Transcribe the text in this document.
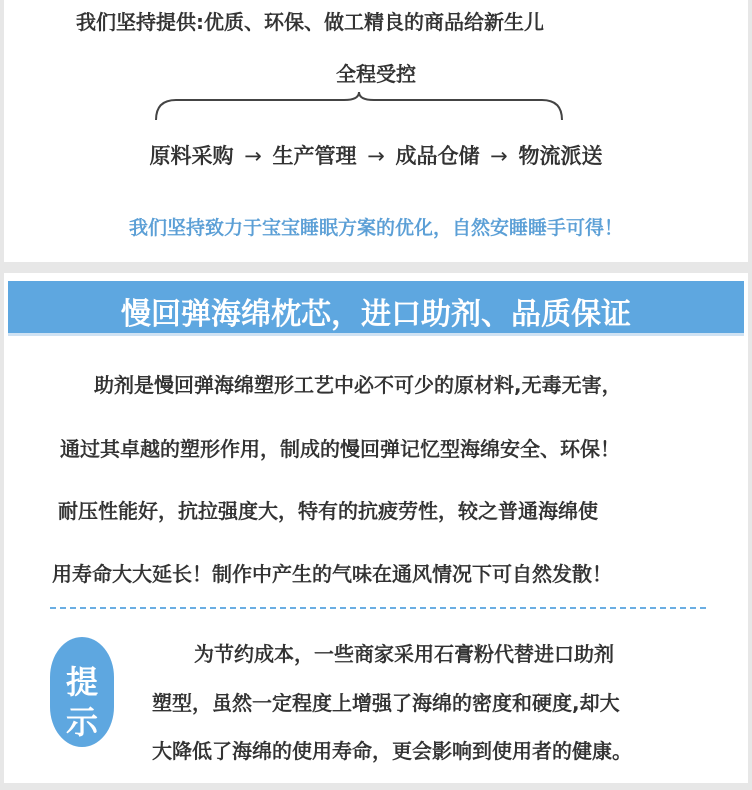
我们坚持提供:优质、环保、做工精良的商品给新生儿
全程受控
原料采购 → 生产管理 → 成品仓储 → 物流派送
我们坚持致力于宝宝睡眠方案的优化，自然安睡睡手可得！
慢回弹海绵枕芯，进口助剂、品质保证
助剂是慢回弹海绵塑形工艺中必不可少的原材料,无毒无害，
通过其卓越的塑形作用，制成的慢回弹记忆型海绵安全、环保！
耐压性能好，抗拉强度大，特有的抗疲劳性，较之普通海绵使
用寿命大大延长！制作中产生的气味在通风情况下可自然发散！
提
示
为节约成本，一些商家采用石膏粉代替进口助剂
塑型，虽然一定程度上增强了海绵的密度和硬度,却大
大降低了海绵的使用寿命，更会影响到使用者的健康。
